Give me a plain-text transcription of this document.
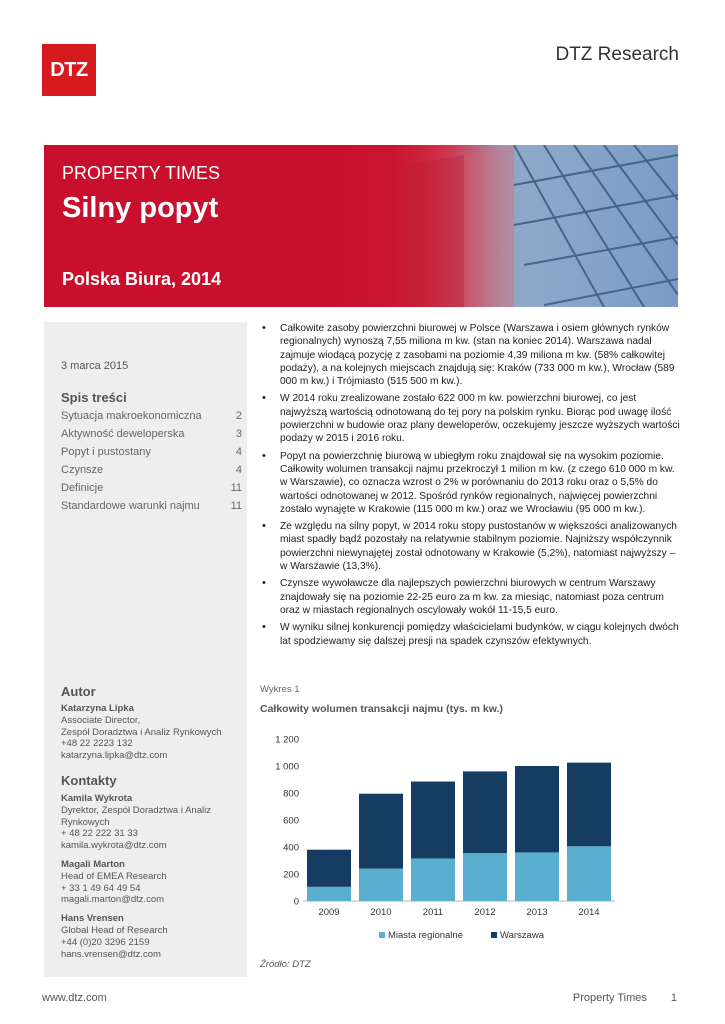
DTZ
DTZ Research
PROPERTY TIMES
Silny popyt
Polska Biura, 2014
3 marca 2015
Spis treści
Sytuacja makroekonomiczna	2
Aktywność deweloperska	3
Popyt i pustostany	4
Czynsze	4
Definicje	11
Standardowe warunki najmu	11
Autor
Katarzyna Lipka
Associate Director,
Zespół Doradztwa i Analiz Rynkowych
+48 22 2223 132
katarzyna.lipka@dtz.com
Kontakty
Kamila Wykrota
Dyrektor, Zespół Doradztwa i Analiz
Rynkowych
+ 48 22 222 31 33
kamila.wykrota@dtz.com
Magali Marton
Head of EMEA Research
+ 33 1 49 64 49 54
magali.marton@dtz.com
Hans Vrensen
Global Head of Research
+44 (0)20 3296 2159
hans.vrensen@dtz.com
• Całkowite zasoby powierzchni biurowej w Polsce (Warszawa i osiem głównych rynków regionalnych) wynoszą 7,55 miliona m kw. (stan na koniec 2014). Warszawa nadal zajmuje wiodącą pozycję z zasobami na poziomie 4,39 miliona m kw. (58% całkowitej podaży), a na kolejnych miejscach znajdują się: Kraków (733 000 m kw.), Wrocław (589 000 m kw.) i Trójmiasto (515 500 m kw.).
• W 2014 roku zrealizowane zostało 622 000 m kw. powierzchni biurowej, co jest najwyższą wartością odnotowaną do tej pory na polskim rynku. Biorąc pod uwagę ilość powierzchni w budowie oraz plany deweloperów, oczekujemy jeszcze wyższych wartości podaży w 2015 i 2016 roku.
• Popyt na powierzchnię biurową w ubiegłym roku znajdował się na wysokim poziomie. Całkowity wolumen transakcji najmu przekroczył 1 milion m kw. (z czego 610 000 m kw. w Warszawie), co oznacza wzrost o 2% w porównaniu do 2013 roku oraz o 5,5% do wartości odnotowanej w 2012. Spośród rynków regionalnych, najwięcej powierzchni zostało wynajęte w Krakowie (115 000 m kw.) oraz we Wrocławiu (95 000 m kw.).
• Ze względu na silny popyt, w 2014 roku stopy pustostanów w większości analizowanych miast spadły bądź pozostały na relatywnie stabilnym poziomie. Najniższy współczynnik powierzchni niewynajętej został odnotowany w Krakowie (5,2%), natomiast najwyższy – w Warszawie (13,3%).
• Czynsze wywoławcze dla najlepszych powierzchni biurowych w centrum Warszawy znajdowały się na poziomie 22-25 euro za m kw. za miesiąc, natomiast poza centrum oraz w miastach regionalnych oscylowały wokół 11-15,5 euro.
• W wyniku silnej konkurencji pomiędzy właścicielami budynków, w ciągu kolejnych dwóch lat spodziewamy się dalszej presji na spadek czynszów efektywnych.
Wykres 1
Całkowity wolumen transakcji najmu (tys. m kw.)
0
200
400
600
800
1 000
1 200
2009	2010	2011	2012	2013	2014
Miasta regionalne	Warszawa
Źródło: DTZ
www.dtz.com	Property Times 1
